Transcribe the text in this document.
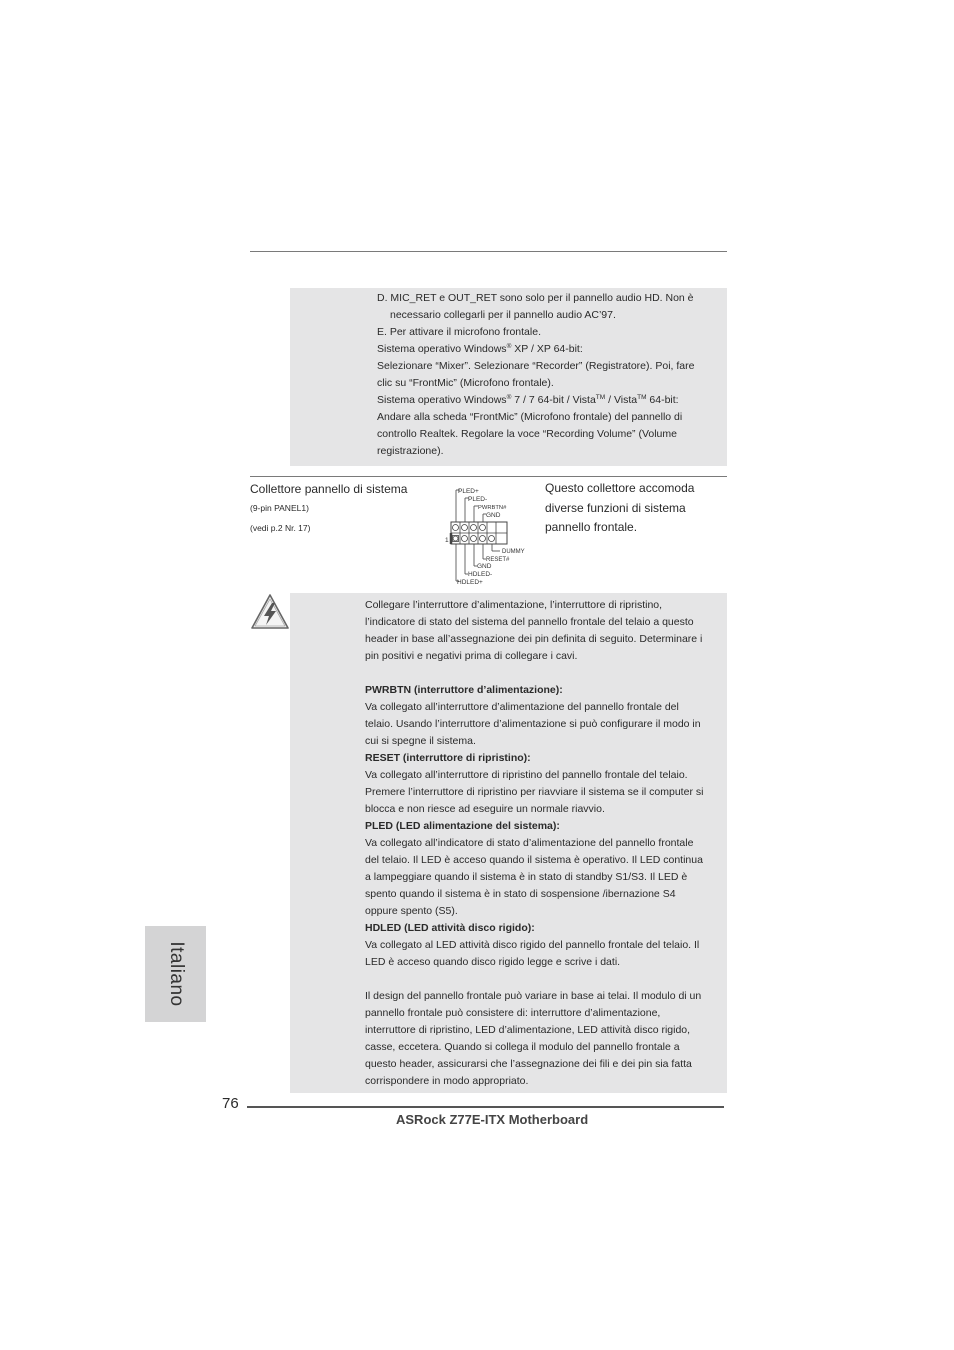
D. MIC_RET e OUT_RET sono solo per il pannello audio HD. Non è

necessario collegarli per il pannello audio AC’97.

E. Per attivare il microfono frontale.

Sistema operativo Windows® XP / XP 64-bit:

Selezionare “Mixer”. Selezionare “Recorder” (Registratore). Poi, fare

clic su “FrontMic” (Microfono frontale).

Sistema operativo Windows® 7 / 7 64-bit / Vista™ / Vista™ 64-bit:

Andare alla scheda “FrontMic” (Microfono frontale) del pannello di

controllo Realtek. Regolare la voce “Recording Volume” (Volume

registrazione).

Collettore pannello di sistema

(9-pin PANEL1)

(vedi p.2 Nr. 17)

PLED+
PLED-
PWRBTN#
GND
DUMMY
RESET#
GND
HDLED-
HDLED+
1

Questo collettore accomoda

diverse funzioni di sistema

pannello frontale.

Collegare l’interruttore d’alimentazione, l’interruttore di ripristino,

l’indicatore di stato del sistema del pannello frontale del telaio a questo

header in base all’assegnazione dei pin definita di seguito. Determinare i

pin positivi e negativi prima di collegare i cavi.

PWRBTN (interruttore d’alimentazione):

Va collegato all’interruttore d’alimentazione del pannello frontale del

telaio. Usando l’interruttore d’alimentazione si può configurare il modo in

cui si spegne il sistema.

RESET (interruttore di ripristino):

Va collegato all’interruttore di ripristino del pannello frontale del telaio.

Premere l’interruttore di ripristino per riavviare il sistema se il computer si

blocca e non riesce ad eseguire un normale riavvio.

PLED (LED alimentazione del sistema):

Va collegato all’indicatore di stato d’alimentazione del pannello frontale

del telaio. Il LED è acceso quando il sistema è operativo. Il LED continua

a lampeggiare quando il sistema è in stato di standby S1/S3. Il LED è

spento quando il sistema è in stato di sospensione /ibernazione S4

oppure spento (S5).

HDLED (LED attività disco rigido):

Va collegato al LED attività disco rigido del pannello frontale del telaio. Il

LED è acceso quando disco rigido legge e scrive i dati.

Il design del pannello frontale può variare in base ai telai. Il modulo di un

pannello frontale può consistere di: interruttore d’alimentazione,

interruttore di ripristino, LED d’alimentazione, LED attività disco rigido,

casse, eccetera. Quando si collega il modulo del pannello frontale a

questo header, assicurarsi che l’assegnazione dei fili e dei pin sia fatta

corrispondere in modo appropriato.

Italiano
76
ASRock Z77E-ITX Motherboard
